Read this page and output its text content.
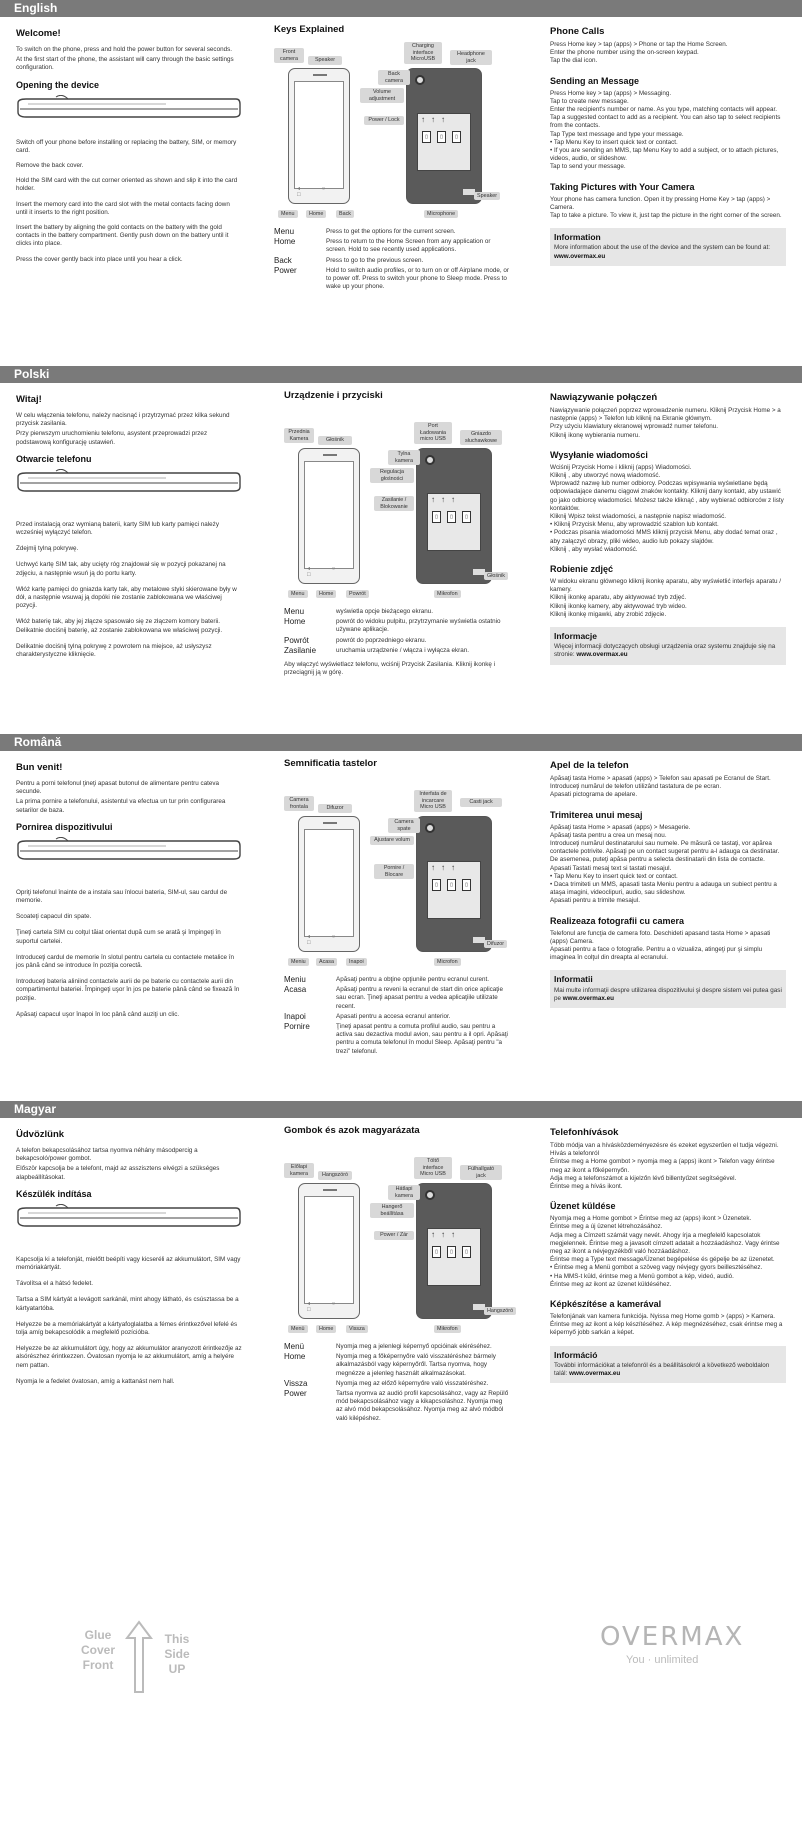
English
Welcome!
To switch on the phone, press and hold the power button for several seconds.
At the first start of the phone, the assistant will carry through the basic settings configuration.
Opening the device
Switch off your phone before installing or replacing the battery, SIM, or memory card.
Remove the back cover.
Hold the SIM card with the cut corner oriented as shown and slip it into the card holder.
Insert the memory card into the card slot with the metal contacts facing down until it inserts to the right position.
Insert the battery by aligning the gold contacts on the battery with the gold contacts in the battery compartment. Gently push down on the battery until it clicks into place.
Press the cover gently back into place until you hear a click.
Keys Explained
◂ ○ □
▯	▯	▯
↑↑↑
Front camera	Speaker
Volume adjustment
Power / Lock
Charging interface MicroUSB
Headphone jack
Back camera
Speaker
Microphone
Menu	Home	Back
Menu	Press to get the options for the current screen.
Home	Press to return to the Home Screen from any application or screen. Hold to see recently used applications.
Back	Press to go to the previous screen.
Power	Hold to switch audio profiles, or to turn on or off Airplane mode, or to power off. Press to switch your phone to Sleep mode. Press to wake up your phone.
Phone Calls
Press Home key > tap (apps) > Phone or tap the Home Screen.
Enter the phone number using the on-screen keypad.
Tap the dial icon.
Sending an Message
Press Home key > tap (apps) > Messaging.
Tap to create new message.
Enter the recipient's number or name. As you type, matching contacts will appear. Tap a suggested contact to add as a recipient. You can also tap to select recipients from the contacts.
Tap Type text message and type your message.
• Tap Menu Key to insert quick text or contact.
• If you are sending an MMS, tap Menu Key to add a subject, or to attach pictures, videos, audio, or slideshow.
Tap to send your message.
Taking Pictures with Your Camera
Your phone has camera function. Open it by pressing Home Key > tap (apps) > Camera.
Tap to take a picture. To view it, just tap the picture in the right corner of the screen.
Information
More information about the use of the device and the system can be found at: www.overmax.eu
Polski
Witaj!
W celu włączenia telefonu, należy nacisnąć i przytrzymać przez kilka sekund przycisk zasilania.
Przy pierwszym uruchomieniu telefonu, asystent przeprowadzi przez podstawową konfigurację ustawień.
Otwarcie telefonu
Przed instalacją oraz wymianą baterii, karty SIM lub karty pamięci należy wcześniej wyłączyć telefon.
Zdejmij tylną pokrywę.
Uchwyć kartę SIM tak, aby ucięty róg znajdował się w pozycji pokazanej na zdjęciu, a następnie wsuń ją do portu karty.
Włóż kartę pamięci do gniazda karty tak, aby metalowe styki skierowane były w dół, a następnie wsuwaj ją dopóki nie zostanie zablokowana we właściwej pozycji.
Włóż baterię tak, aby jej złącze spasowało się ze złączem komory baterii. Delikatnie dociśnij baterię, aż zostanie zablokowana we właściwej pozycji.
Delikatnie dociśnij tylną pokrywę z powrotem na miejsce, aż usłyszysz charakterystyczne kliknięcie.
Urządzenie i przyciski
◂ ○ □
▯	▯	▯
↑↑↑
Przednia Kamera	Głośnik
Regulacja głośności
Zasilanie / Blokowanie
Port Ładowania micro USB
Gniazdo słuchawkowe
Tylna kamera
Głośnik
Mikrofon
Menu	Home	Powrót
Menu	wyświetla opcje bieżącego ekranu.
Home	powrót do widoku pulpitu, przytrzymanie wyświetla ostatnio używane aplikacje.
Powrót	powrót do poprzedniego ekranu.
Zasilanie	uruchamia urządzenie / włącza i wyłącza ekran.
Aby włączyć wyświetlacz telefonu, wciśnij Przycisk Zasilania. Kliknij ikonkę i przeciągnij ją w górę.
Nawiązywanie połączeń
Nawiązywanie połączeń poprzez wprowadzenie numeru. Kliknij Przycisk Home > a następnie (apps) > Telefon lub kliknij na Ekranie głównym.
Przy użyciu klawiatury ekranowej wprowadź numer telefonu.
Kliknij ikonę wybierania numeru.
Wysyłanie wiadomości
Wciśnij Przycisk Home i kliknij (apps) Wiadomości.
Kliknij , aby utworzyć nową wiadomość.
Wprowadź nazwę lub numer odbiorcy. Podczas wpisywania wyświetlane będą odpowiadające danemu ciągowi znaków kontakty. Kliknij dany kontakt, aby ustawić go jako odbiorcę wiadomości. Możesz także kliknąć , aby wybierać odbiorców z listy kontaktów.
Kliknij Wpisz tekst wiadomości, a następnie napisz wiadomość.
• Kliknij Przycisk Menu, aby wprowadzić szablon lub kontakt.
• Podczas pisania wiadomości MMS kliknij przycisk Menu, aby dodać temat oraz , aby załączyć obrazy, pliki wideo, audio lub pokazy slajdów.
Kliknij , aby wysłać wiadomość.
Robienie zdjęć
W widoku ekranu głównego kliknij ikonkę aparatu, aby wyświetlić interfejs aparatu / kamery.
Kliknij ikonkę aparatu, aby aktywować tryb zdjęć.
Kliknij ikonkę kamery, aby aktywować tryb wideo.
Kliknij ikonkę migawki, aby zrobić zdjęcie.
Informacje
Więcej informacji dotyczących obsługi urządzenia oraz systemu znajduje się na stronie: www.overmax.eu
Română
Bun venit!
Pentru a porni telefonul ţineţi apasat butonul de alimentare pentru cateva secunde.
La prima pornire a telefonului, asistentul va efectua un tur prin configurarea setarilor de baza.
Pornirea dispozitivului
Opriţi telefonul înainte de a instala sau înlocui bateria, SIM-ul, sau cardul de memorie.
Scoateţi capacul din spate.
Ţineţi cartela SIM cu colţul tăiat orientat după cum se arată şi împingeţi în suportul cartelei.
Introduceţi cardul de memorie în slotul pentru cartela cu contactele metalice în jos până când se introduce în poziţia corectă.
Introduceţi bateria aliniind contactele aurii de pe baterie cu contactele aurii din compartimentul bateriei. Împingeţi uşor în jos pe baterie până când se fixează în poziţie.
Apăsaţi capacul uşor înapoi în loc până când auziţi un clic.
Semnificatia tastelor
◂ ○ □
▯	▯	▯
↑↑↑
Camera frontala	Difuzor
Ajustare volum
Pornire / Blocare
Interfata de incarcare Micro USB
Casti jack
Camera spate
Difuzor
Microfon
Meniu	Acasa	Inapoi
Meniu	Apăsaţi pentru a obţine opţiunile pentru ecranul curent.
Acasa	Apăsaţi pentru a reveni la ecranul de start din orice aplicaţie sau ecran. Ţineţi apasat pentru a vedea aplicaţiile utilizate recent.
Inapoi	Apasati pentru a accesa ecranul anterior.
Pornire	Ţineţi apasat pentru a comuta profilul audio, sau pentru a activa sau dezactiva modul avion, sau pentru a il opri. Apăsaţi pentru a comuta telefonul în modul Sleep. Apăsaţi pentru "a trezi" telefonul.
Apel de la telefon
Apăsaţi tasta Home > apasati (apps) > Telefon sau apasati pe Ecranul de Start.
Introduceţi numărul de telefon utilizând tastatura de pe ecran.
Apasati pictograma de apelare.
Trimiterea unui mesaj
Apăsaţi tasta Home > apasati (apps) > Mesagerie.
Apăsaţi tasta pentru a crea un mesaj nou.
Introduceţi numărul destinatarului sau numele. Pe măsură ce tastaţi, vor apărea contactele potrivite. Apăsaţi pe un contact sugerat pentru a-l adauga ca destinatar. De asemenea, puteţi apăsa pentru a selecta destinatarii din lista de contacte.
Apasati Tastati mesaj text si tastati mesajul.
• Tap Menu Key to insert quick text or contact.
• Daca trimiteti un MMS, apasati tasta Meniu pentru a adauga un subiect pentru a ataşa imagini, videoclipuri, audio, sau slideshow.
Apasati pentru a trimite mesajul.
Realizeaza fotografii cu camera
Telefonul are funcţia de camera foto. Deschideti apasand tasta Home > apasati (apps) Camera.
Apasati pentru a face o fotografie. Pentru a o vizualiza, atingeţi pur şi simplu imaginea în colţul din dreapta al ecranului.
Informatii
Mai multe informaţii despre utilizarea dispozitivului şi despre sistem vei putea gasi pe www.overmax.eu
Magyar
Üdvözlünk
A telefon bekapcsolásához tartsa nyomva néhány másodpercig a bekapcsoló/power gombot.
Először kapcsolja be a telefont, majd az asszisztens elvégzi a szükséges alapbeállításokat.
Készülék indítása
Kapcsolja ki a telefonját, mielőtt beépíti vagy kicseréli az akkumulátort, SIM vagy memóriakártyát.
Távolítsa el a hátsó fedelet.
Tartsa a SIM kártyát a levágott sarkánál, mint ahogy látható, és csúsztassa be a kártyatartóba.
Helyezze be a memóriakártyát a kártyafoglalatba a fémes érintkezővel lefelé és tolja amíg bekapcsolódik a megfelelő pozícióba.
Helyezze be az akkumulátort úgy, hogy az akkumulátor aranyozott érintkezője az alsórészhez érintkezzen. Óvatosan nyomja le az akkumulátort, amíg a helyére nem pattan.
Nyomja le a fedelet óvatosan, amíg a kattanást nem hall.
Gombok és azok magyarázata
◂ ○ □
▯	▯	▯
↑↑↑
Előlapi kamera	Hangszóró
Hangerő beállítása
Power / Zár
Töltő interface Micro USB
Fülhallgató jack
Hátlapi kamera
Hangszóró
Mikrofon
Menü	Home	Vissza
Menü	Nyomja meg a jelenlegi képernyő opcióinak eléréséhez.
Home	Nyomja meg a főképernyőre való visszatéréshez bármely alkalmazásból vagy képernyőről. Tartsa nyomva, hogy megnézze a jelenleg használt alkalmazásokat.
Vissza	Nyomja meg az előző képernyőre való visszatéréshez.
Power	Tartsa nyomva az audió profil kapcsolásához, vagy az Repülő mód bekapcsolásához vagy a kikapcsoláshoz. Nyomja meg az alvó mód bekapcsolásához. Nyomja meg az alvó módból való kilépéshez.
Telefonhívások
Több módja van a hívásközdeményezésre és ezeket egyszerűen el tudja végezni.
Hívás a telefonról
Érintse meg a Home gombot > nyomja meg a (apps) ikont > Telefon vagy érintse meg az ikont a főképernyőn.
Adja meg a telefonszámot a kijelzőn lévő billentyűzet segítségével.
Érintse meg a hívás ikont.
Üzenet küldése
Nyomja meg a Home gombot > Érintse meg az (apps) ikont > Üzenetek.
Érintse meg a új üzenet létrehozásához.
Adja meg a Címzett számát vagy nevét. Ahogy írja a megfelelő kapcsolatok megjelennek. Érintse meg a javasolt címzett adatait a hozzáadáshoz. Vagy érintse meg az ikont a névjegyzékből való hozzáadáshoz.
Érintse meg a Type text message/Üzenet begépelése és gépelje be az üzenetet.
• Érintse meg a Menü gombot a szöveg vagy névjegy gyors beillesztéséhez.
• Ha MMS-t küld, érintse meg a Menü gombot a kép, videó, audió.
Érintse meg az ikont az üzenet küldéséhez.
Képkészítése a kamerával
Telefonjának van kamera funkciója. Nyissa meg Home gomb > (apps) > Kamera.
Érintse meg az ikont a kép készítéséhez. A kép megnézéséhez, csak érintse meg a képernyő jobb sarkán a képet.
Információ
További információkat a telefonról és a beállításokról a következő weboldalon talál: www.overmax.eu
Glue
Cover
Front
This
Side
UP
OVERMAX
You · unlimited
